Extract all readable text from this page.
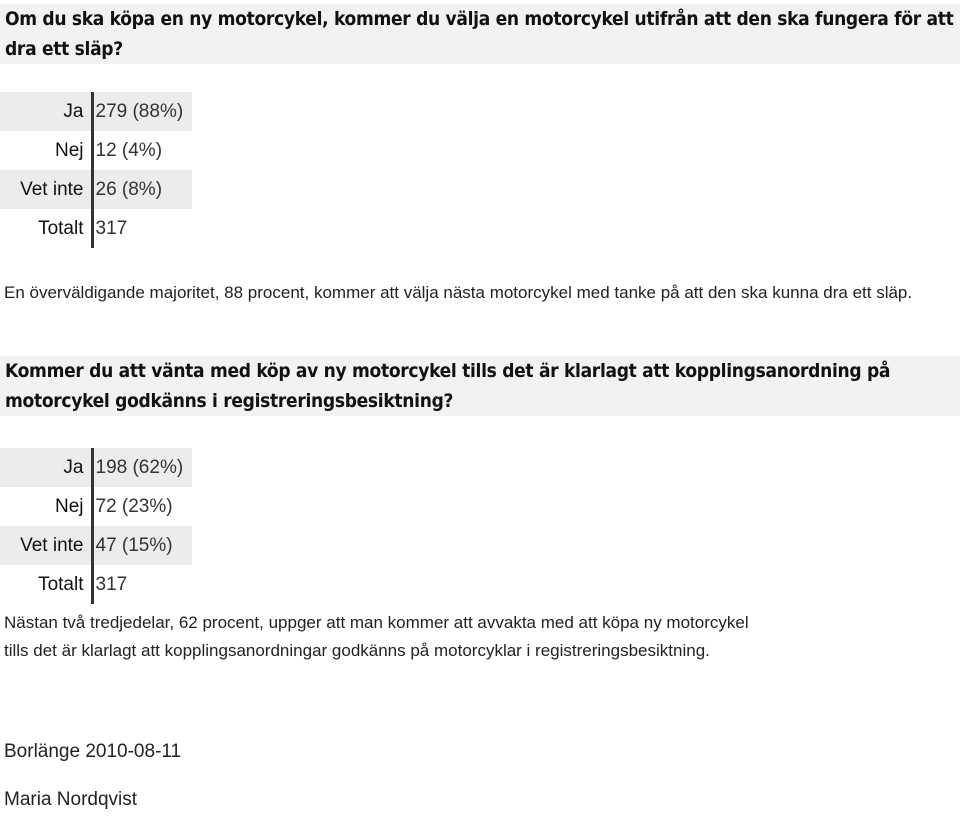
Om du ska köpa en ny motorcykel, kommer du välja en motorcykel utifrån att den ska fungera för att dra ett släp?
Ja	279 (88%)
Nej	12 (4%)
Vet inte	26 (8%)
Totalt	317
En överväldigande majoritet, 88 procent, kommer att välja nästa motorcykel med tanke på att den ska kunna dra ett släp.
Kommer du att vänta med köp av ny motorcykel tills det är klarlagt att kopplingsanordning på motorcykel godkänns i registreringsbesiktning?
Ja	198 (62%)
Nej	72 (23%)
Vet inte	47 (15%)
Totalt	317
Nästan två tredjedelar, 62 procent, uppger att man kommer att avvakta med att köpa ny motorcykel
tills det är klarlagt att kopplingsanordningar godkänns på motorcyklar i registreringsbesiktning.
Borlänge 2010-08-11
Maria Nordqvist
